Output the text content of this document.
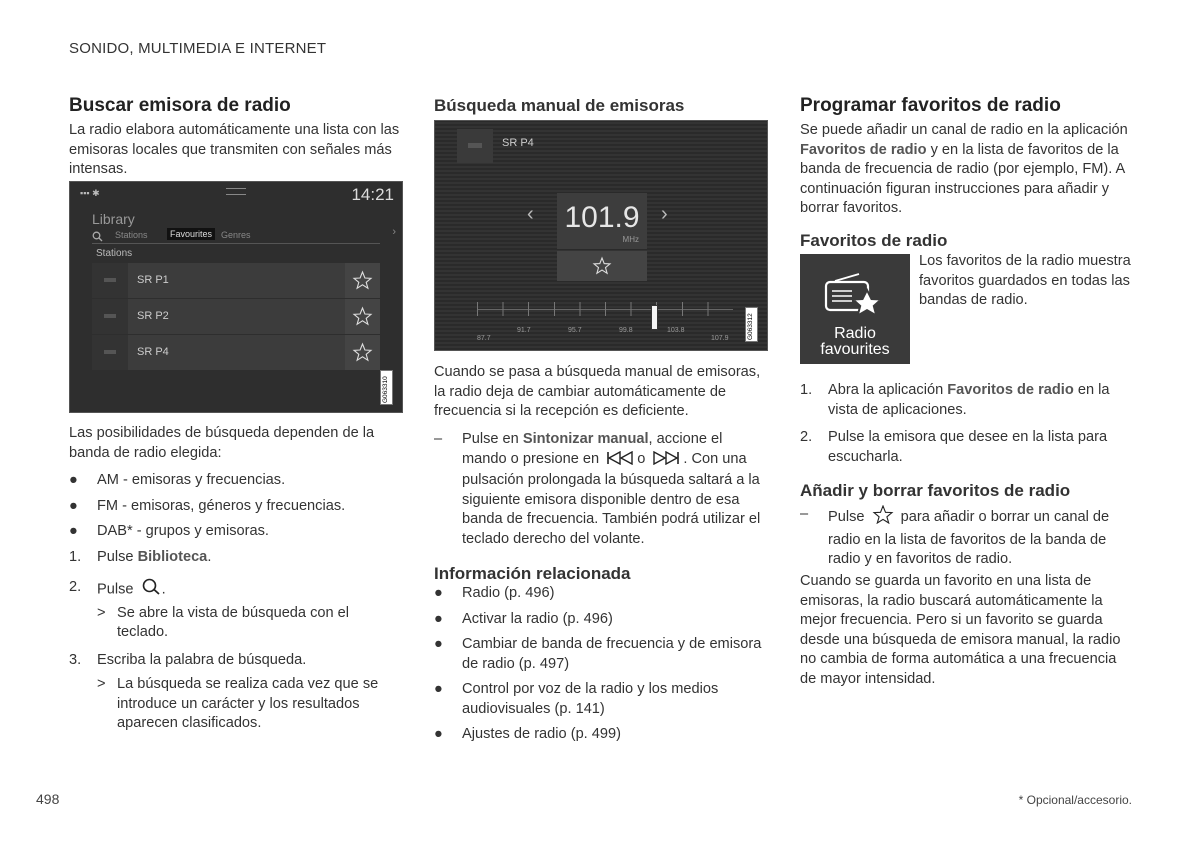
SONIDO, MULTIMEDIA E INTERNET
Buscar emisora de radio
La radio elabora automáticamente una lista con las emisoras locales que transmiten con señales más intensas.
▪▪▪ ✱	14:21
Library
Stations	Favourites Genres	›
Stations
SR P1
SR P2
SR P4
G063310
Las posibilidades de búsqueda dependen de la banda de radio elegida:
● AM - emisoras y frecuencias.
● FM - emisoras, géneros y frecuencias.
● DAB* - grupos y emisoras.
1. Pulse Biblioteca.
2. Pulse .
> Se abre la vista de búsqueda con el teclado.
3. Escriba la palabra de búsqueda.
> La búsqueda se realiza cada vez que se introduce un carácter y los resultados aparecen clasificados.
Búsqueda manual de emisoras
SR P4
‹ 101.9
MHz
›
87.7
91.7	95.7	99.8	103.8
107.9	G063312
Cuando se pasa a búsqueda manual de emisoras, la radio deja de cambiar automáticamente de frecuencia si la recepción es deficiente.
– Pulse en Sintonizar manual, accione el mando o presione en	o	. Con una pulsación prolongada la búsqueda saltará a la siguiente emisora disponible dentro de esa banda de frecuencia. También podrá utilizar el teclado derecho del volante.
Información relacionada
● Radio (p. 496)
● Activar la radio (p. 496)
● Cambiar de banda de frecuencia y de emisora de radio (p. 497)
● Control por voz de la radio y los medios audiovisuales (p. 141)
● Ajustes de radio (p. 499)
Programar favoritos de radio
Se puede añadir un canal de radio en la aplicación Favoritos de radio y en la lista de favoritos de la banda de frecuencia de radio (por ejemplo, FM). A continuación figuran instrucciones para añadir y borrar favoritos.
Favoritos de radio
Radio
favourites
Los favoritos de la radio muestra favoritos guardados en todas las bandas de radio.
1. Abra la aplicación Favoritos de radio en la vista de aplicaciones.
2. Pulse la emisora que desee en la lista para escucharla.
Añadir y borrar favoritos de radio
– Pulse para añadir o borrar un canal de radio en la lista de favoritos de la banda de radio y en favoritos de radio.
Cuando se guarda un favorito en una lista de emisoras, la radio buscará automáticamente la mejor frecuencia. Pero si un favorito se guarda desde una búsqueda de emisora manual, la radio no cambia de forma automática a una frecuencia de mayor intensidad.
498	* Opcional/accesorio.
